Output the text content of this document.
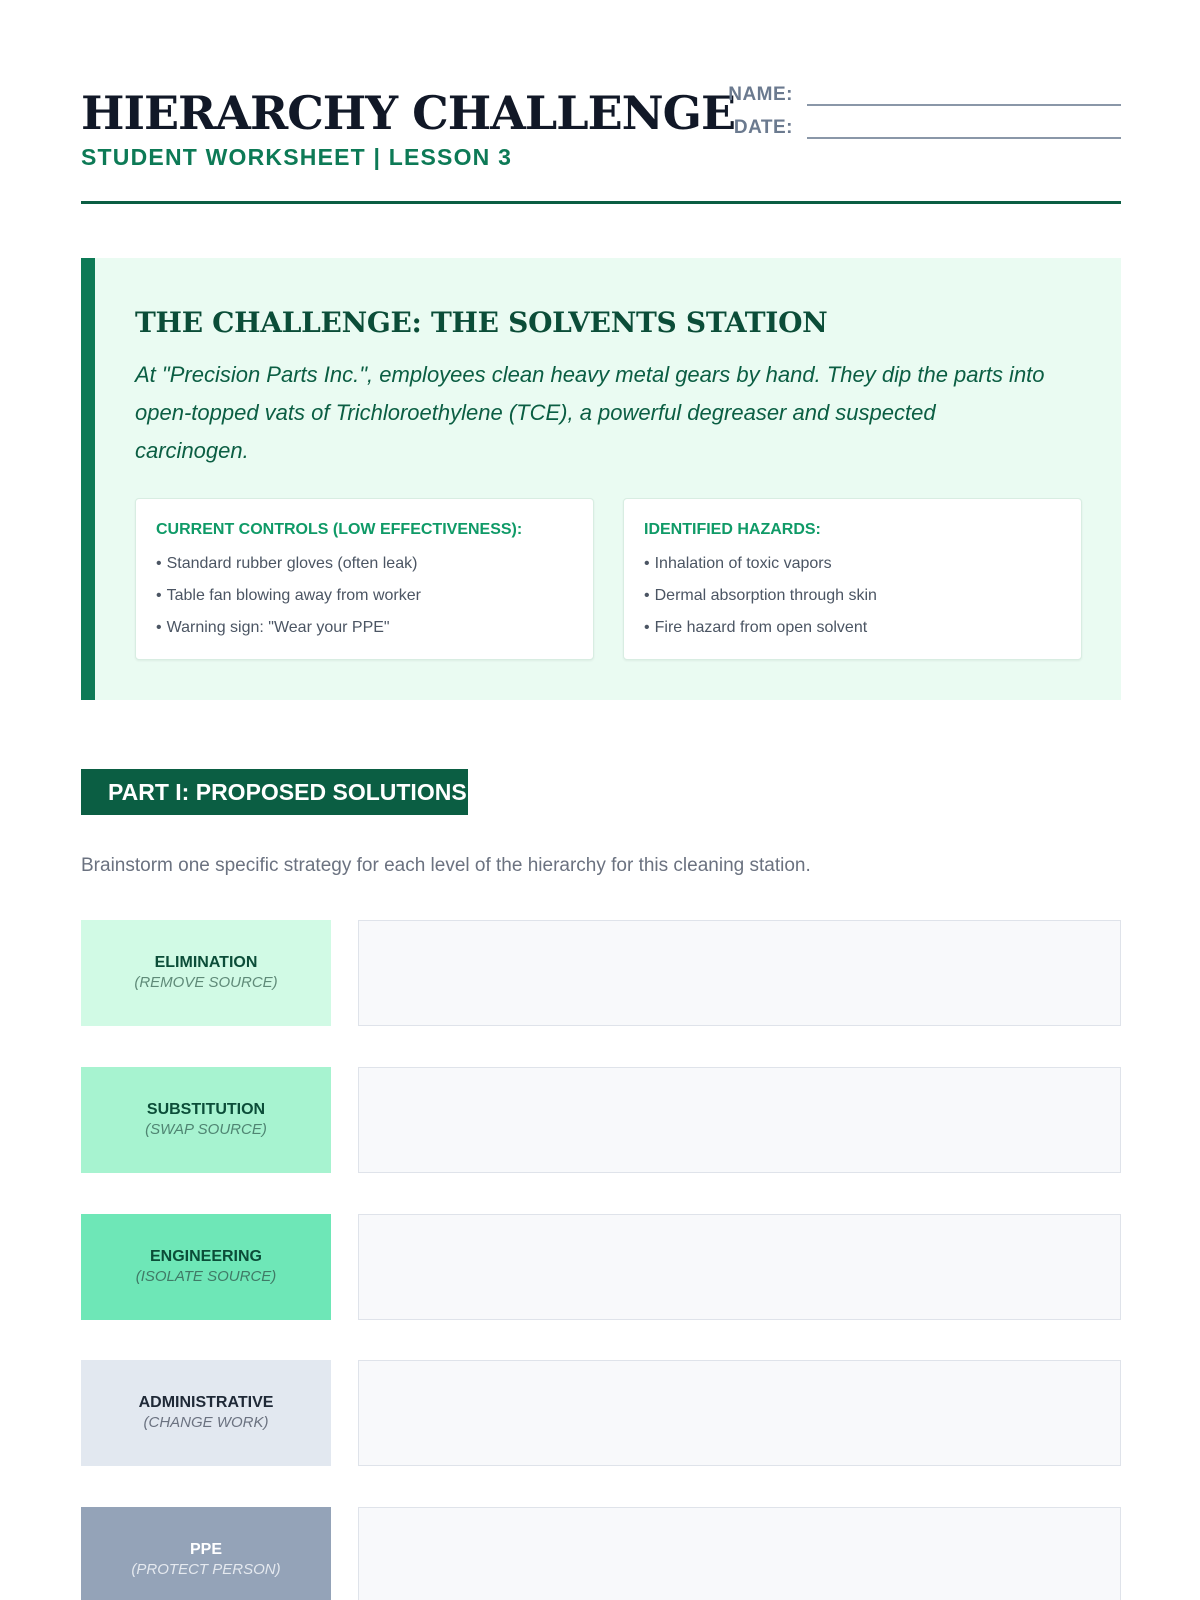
HIERARCHY CHALLENGE
STUDENT WORKSHEET | LESSON 3
NAME:
DATE:
THE CHALLENGE: THE SOLVENTS STATION
At "Precision Parts Inc.", employees clean heavy metal gears by hand. They dip the parts into open-topped vats of Trichloroethylene (TCE), a powerful degreaser and suspected carcinogen.
CURRENT CONTROLS (LOW EFFECTIVENESS):
• Standard rubber gloves (often leak)
• Table fan blowing away from worker
• Warning sign: "Wear your PPE"
IDENTIFIED HAZARDS:
• Inhalation of toxic vapors
• Dermal absorption through skin
• Fire hazard from open solvent
PART I: PROPOSED SOLUTIONS
Brainstorm one specific strategy for each level of the hierarchy for this cleaning station.
ELIMINATION
(REMOVE SOURCE)
SUBSTITUTION
(SWAP SOURCE)
ENGINEERING
(ISOLATE SOURCE)
ADMINISTRATIVE
(CHANGE WORK)
PPE
(PROTECT PERSON)
